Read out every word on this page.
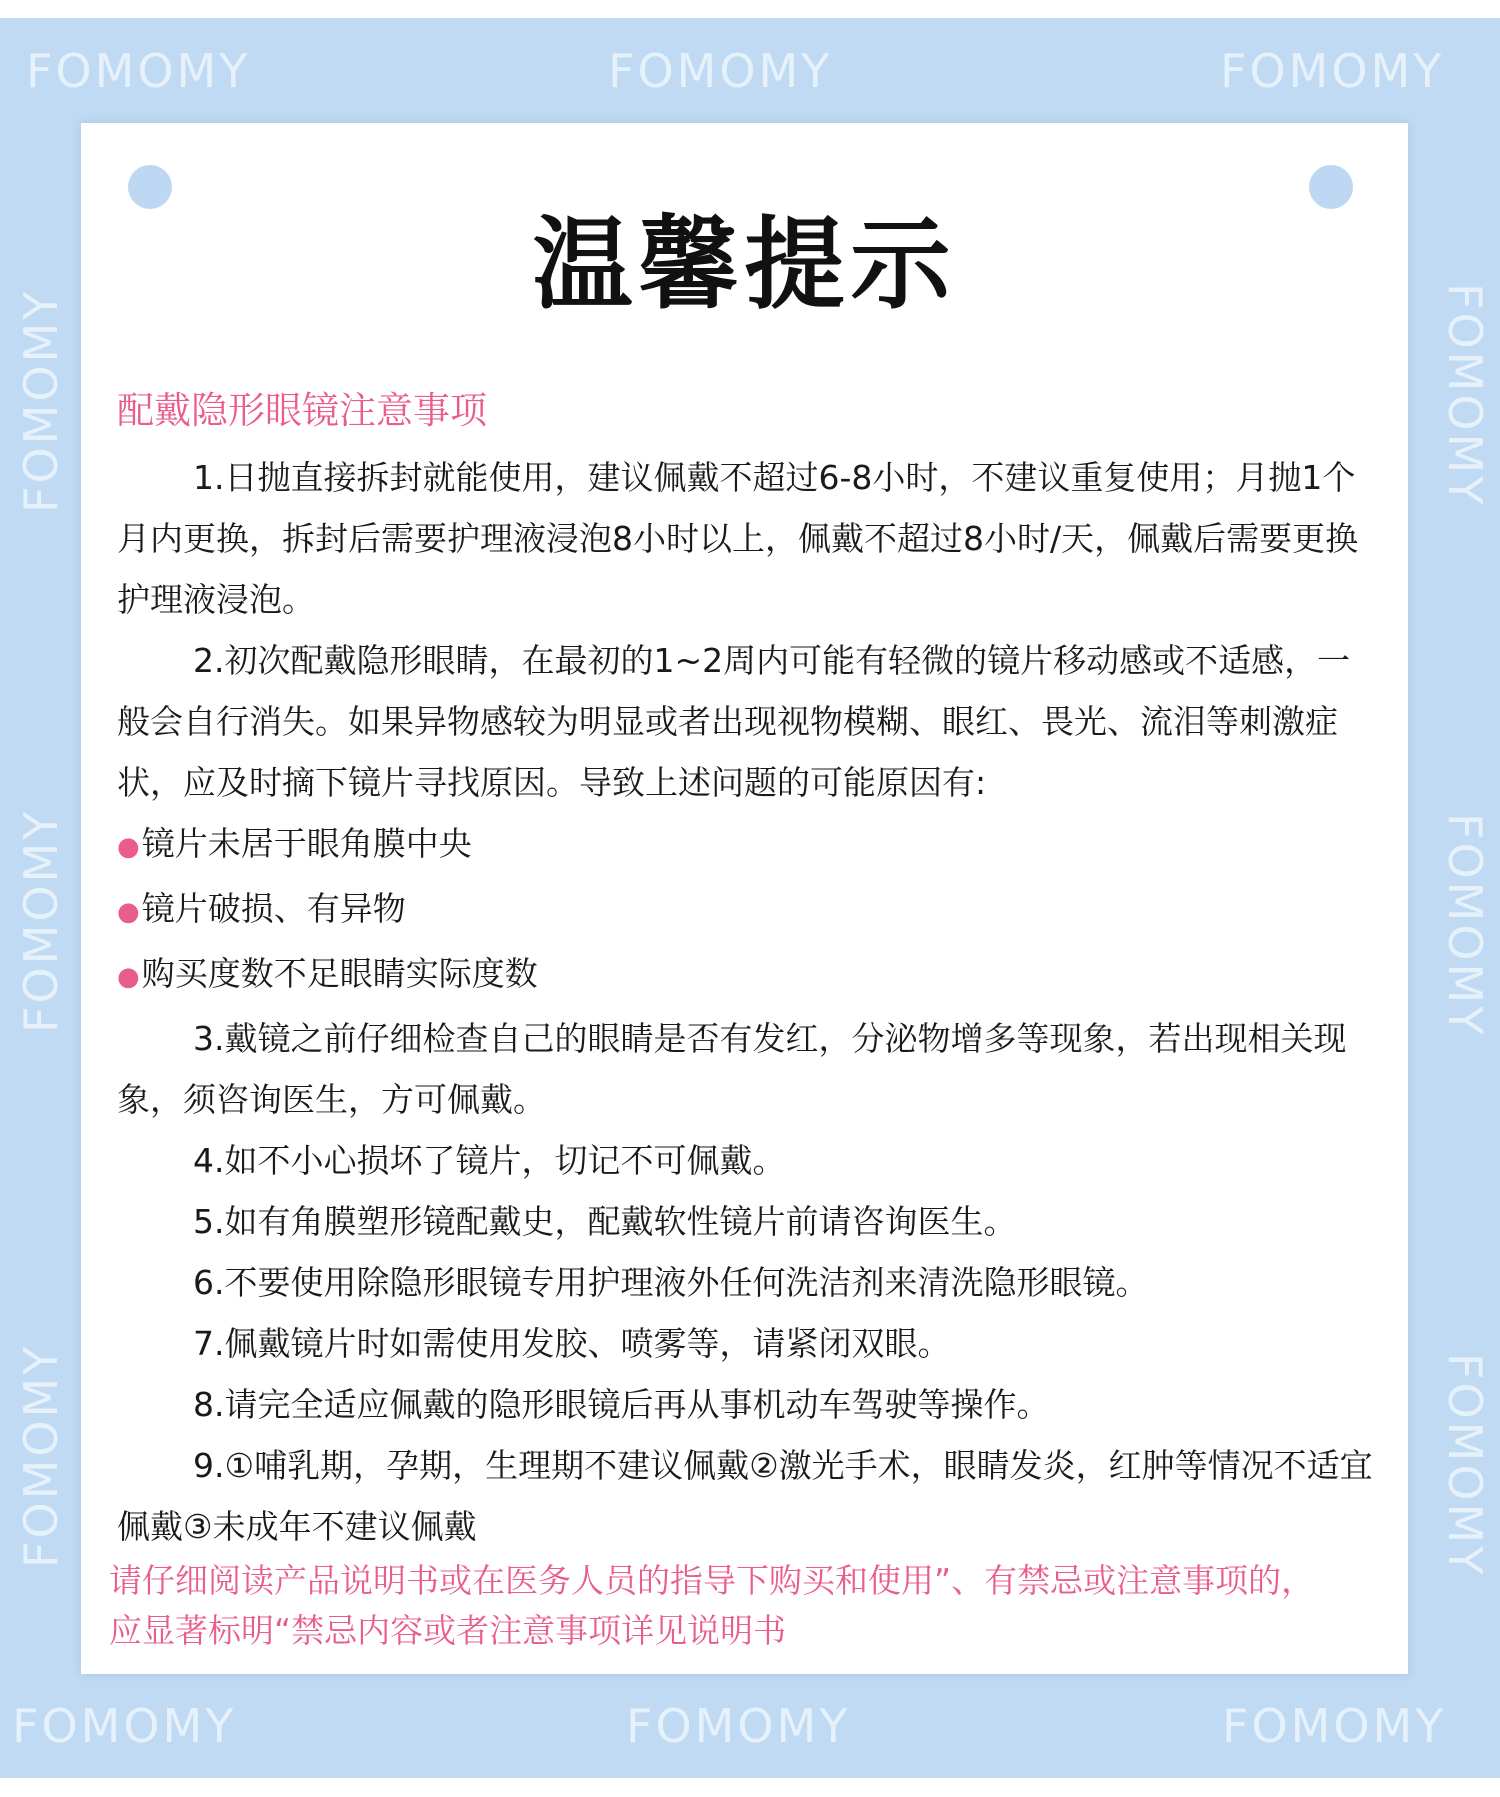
FOMOMY	FOMOMY	FOMOMY
FOMOMY	FOMOMY	FOMOMY
FOMOMY
FOMOMY
FOMOMY
FOMOMY
FOMOMY
FOMOMY
温馨提示
配戴隐形眼镜注意事项

1.日抛直接拆封就能使用，建议佩戴不超过6-8小时，不建议重复使用；月抛1个月内更换，拆封后需要护理液浸泡8小时以上，佩戴不超过8小时/天，佩戴后需要更换护理液浸泡。

2.初次配戴隐形眼睛，在最初的1~2周内可能有轻微的镜片移动感或不适感，一般会自行消失。如果异物感较为明显或者出现视物模糊、眼红、畏光、流泪等刺激症状，应及时摘下镜片寻找原因。导致上述问题的可能原因有:

●镜片未居于眼角膜中央

●镜片破损、有异物

●购买度数不足眼睛实际度数

3.戴镜之前仔细检查自己的眼睛是否有发红，分泌物增多等现象，若出现相关现象，须咨询医生，方可佩戴。

4.如不小心损坏了镜片，切记不可佩戴。

5.如有角膜塑形镜配戴史，配戴软性镜片前请咨询医生。

6.不要使用除隐形眼镜专用护理液外任何洗洁剂来清洗隐形眼镜。

7.佩戴镜片时如需使用发胶、喷雾等，请紧闭双眼。

8.请完全适应佩戴的隐形眼镜后再从事机动车驾驶等操作。

9.①哺乳期，孕期，生理期不建议佩戴②激光手术，眼睛发炎，红肿等情况不适宜佩戴③未成年不建议佩戴

请仔细阅读产品说明书或在医务人员的指导下购买和使用”、有禁忌或注意事项的，
应显著标明“禁忌内容或者注意事项详见说明书
